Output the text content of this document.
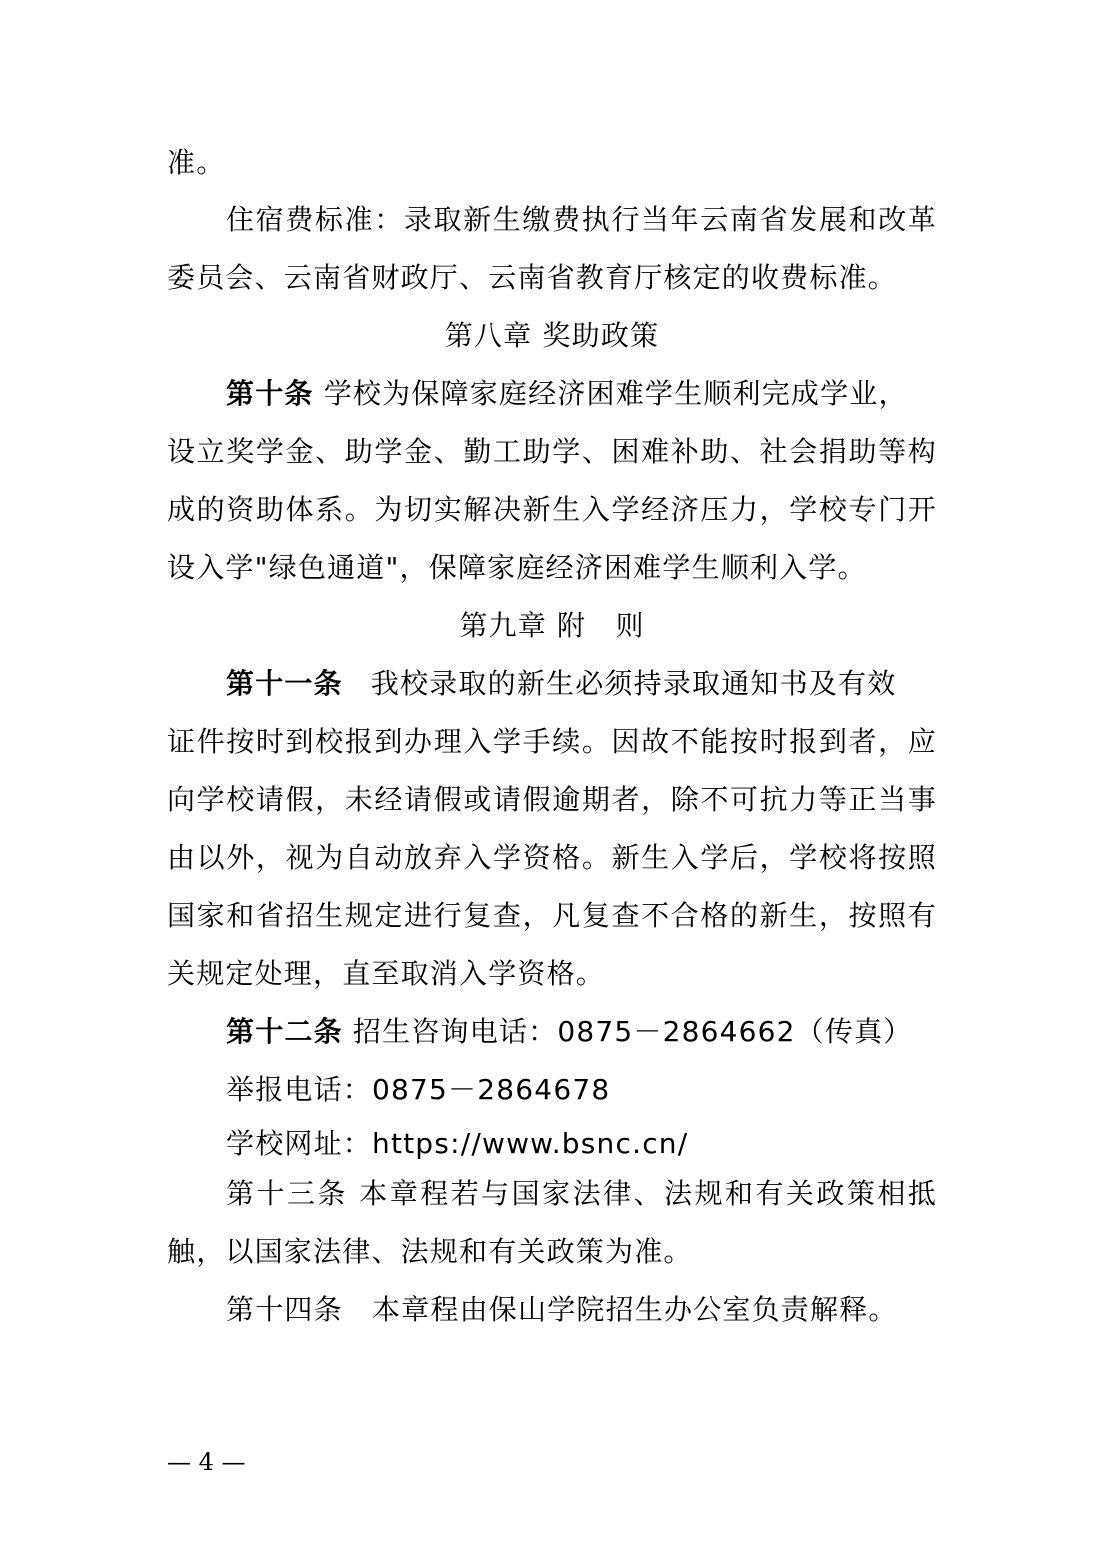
准。
住宿费标准：录取新生缴费执行当年云南省发展和改革
委员会、云南省财政厅、云南省教育厅核定的收费标准。
第八章 奖助政策
第十条 学校为保障家庭经济困难学生顺利完成学业，
设立奖学金、助学金、勤工助学、困难补助、社会捐助等构
成的资助体系。为切实解决新生入学经济压力，学校专门开
设入学"绿色通道"，保障家庭经济困难学生顺利入学。
第九章 附　则
第十一条 我校录取的新生必须持录取通知书及有效
证件按时到校报到办理入学手续。因故不能按时报到者，应
向学校请假，未经请假或请假逾期者，除不可抗力等正当事
由以外，视为自动放弃入学资格。新生入学后，学校将按照
国家和省招生规定进行复查，凡复查不合格的新生，按照有
关规定处理，直至取消入学资格。
第十二条 招生咨询电话：0875－2864662（传真）
举报电话：0875－2864678
学校网址：https://www.bsnc.cn/
第十三条 本章程若与国家法律、法规和有关政策相抵
触，以国家法律、法规和有关政策为准。
第十四条　本章程由保山学院招生办公室负责解释。
— 4 —
